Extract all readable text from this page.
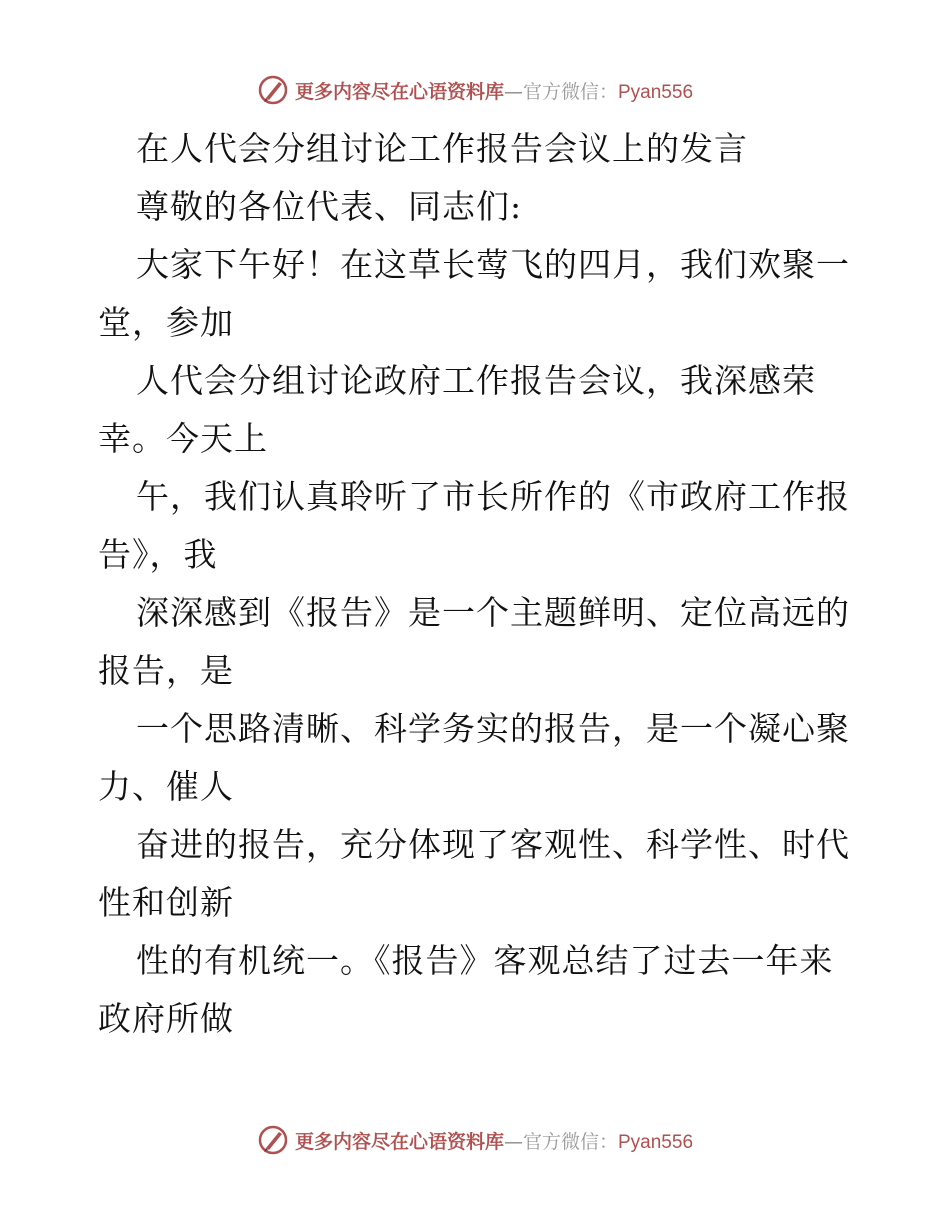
更多内容尽在心语资料库—官方微信：Pyan556
在人代会分组讨论工作报告会议上的发言
尊敬的各位代表、同志们:
大家下午好！在这草长莺飞的四月，我们欢聚一
堂，参加
人代会分组讨论政府工作报告会议，我深感荣
幸。今天上
午，我们认真聆听了市长所作的《市政府工作报
告》，我
深深感到《报告》是一个主题鲜明、定位高远的
报告，是
一个思路清晰、科学务实的报告，是一个凝心聚
力、催人
奋进的报告，充分体现了客观性、科学性、时代
性和创新
性的有机统一。《报告》客观总结了过去一年来
政府所做
更多内容尽在心语资料库—官方微信：Pyan556
